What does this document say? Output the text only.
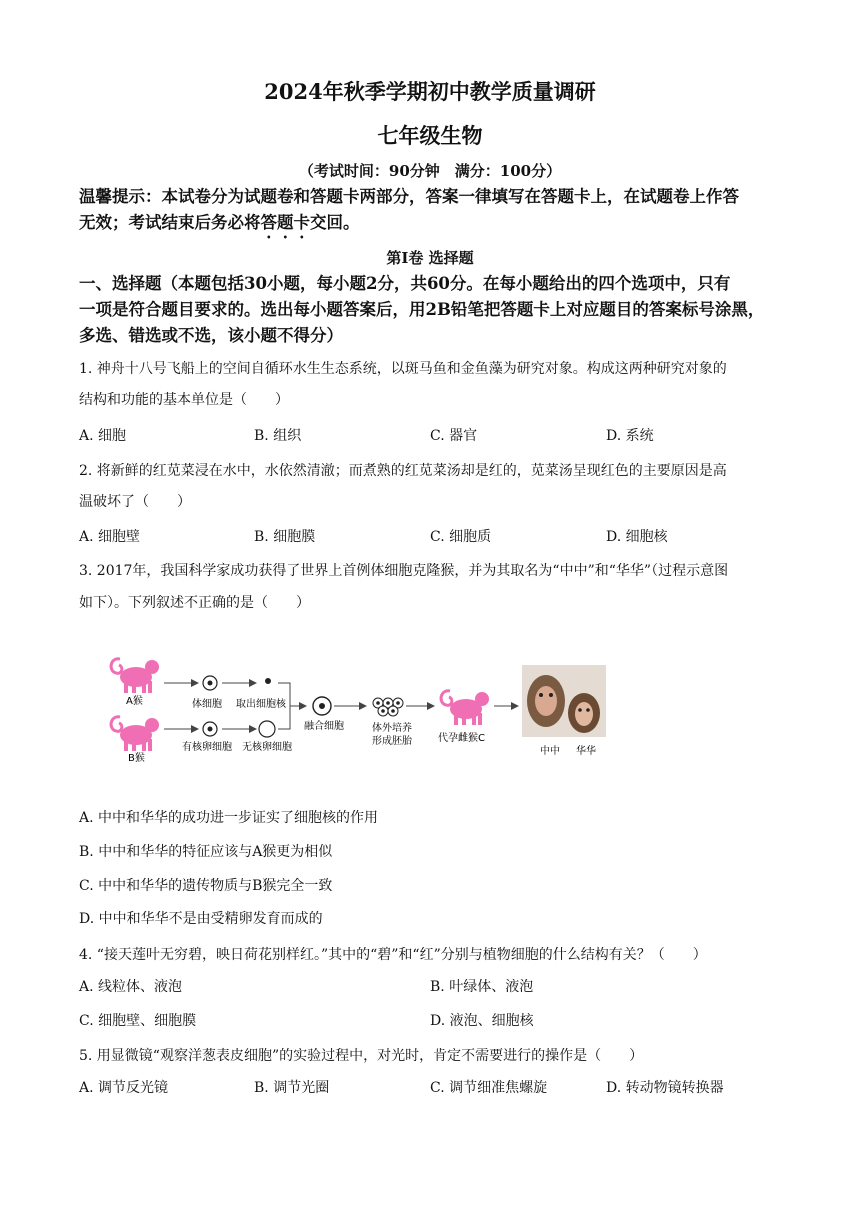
2024年秋季学期初中教学质量调研
七年级生物
（考试时间：90分钟　满分：100分）
温馨提示：本试卷分为试题卷和答题卡两部分，答案一律填写在答题卡上，在试题卷上作答
无效；考试结束后务必将答题卡交回。
第Ⅰ卷 选择题
一、选择题（本题包括30小题，每小题2分，共60分。在每小题给出的四个选项中，只有
一项是符合题目要求的。选出每小题答案后，用2B铅笔把答题卡上对应题目的答案标号涂黑，
多选、错选或不选，该小题不得分）
1. 神舟十八号飞船上的空间自循环水生生态系统，以斑马鱼和金鱼藻为研究对象。构成这两种研究对象的
结构和功能的基本单位是（　　）
A. 细胞	B. 组织	C. 器官	D. 系统
2. 将新鲜的红苋菜浸在水中，水依然清澈；而煮熟的红苋菜汤却是红的，苋菜汤呈现红色的主要原因是高
温破坏了（　　）
A. 细胞壁	B. 细胞膜	C. 细胞质	D. 细胞核
3. 2017年，我国科学家成功获得了世界上首例体细胞克隆猴，并为其取名为“中中”和“华华”（过程示意图
如下）。下列叙述不正确的是（　　）
A猴
B猴
体细胞 取出细胞核
有核卵细胞 无核卵细胞
融合细胞	体外培养
形成胚胎	代孕雌猴C
中中 华华
A. 中中和华华的成功进一步证实了细胞核的作用
B. 中中和华华的特征应该与A猴更为相似
C. 中中和华华的遗传物质与B猴完全一致
D. 中中和华华不是由受精卵发育而成的
4. “接天莲叶无穷碧，映日荷花别样红。”其中的“碧”和“红”分别与植物细胞的什么结构有关？（　　）
A. 线粒体、液泡	B. 叶绿体、液泡
C. 细胞壁、细胞膜	D. 液泡、细胞核
5. 用显微镜“观察洋葱表皮细胞”的实验过程中，对光时，肯定不需要进行的操作是（　　）
A. 调节反光镜	B. 调节光圈	C. 调节细准焦螺旋	D. 转动物镜转换器
